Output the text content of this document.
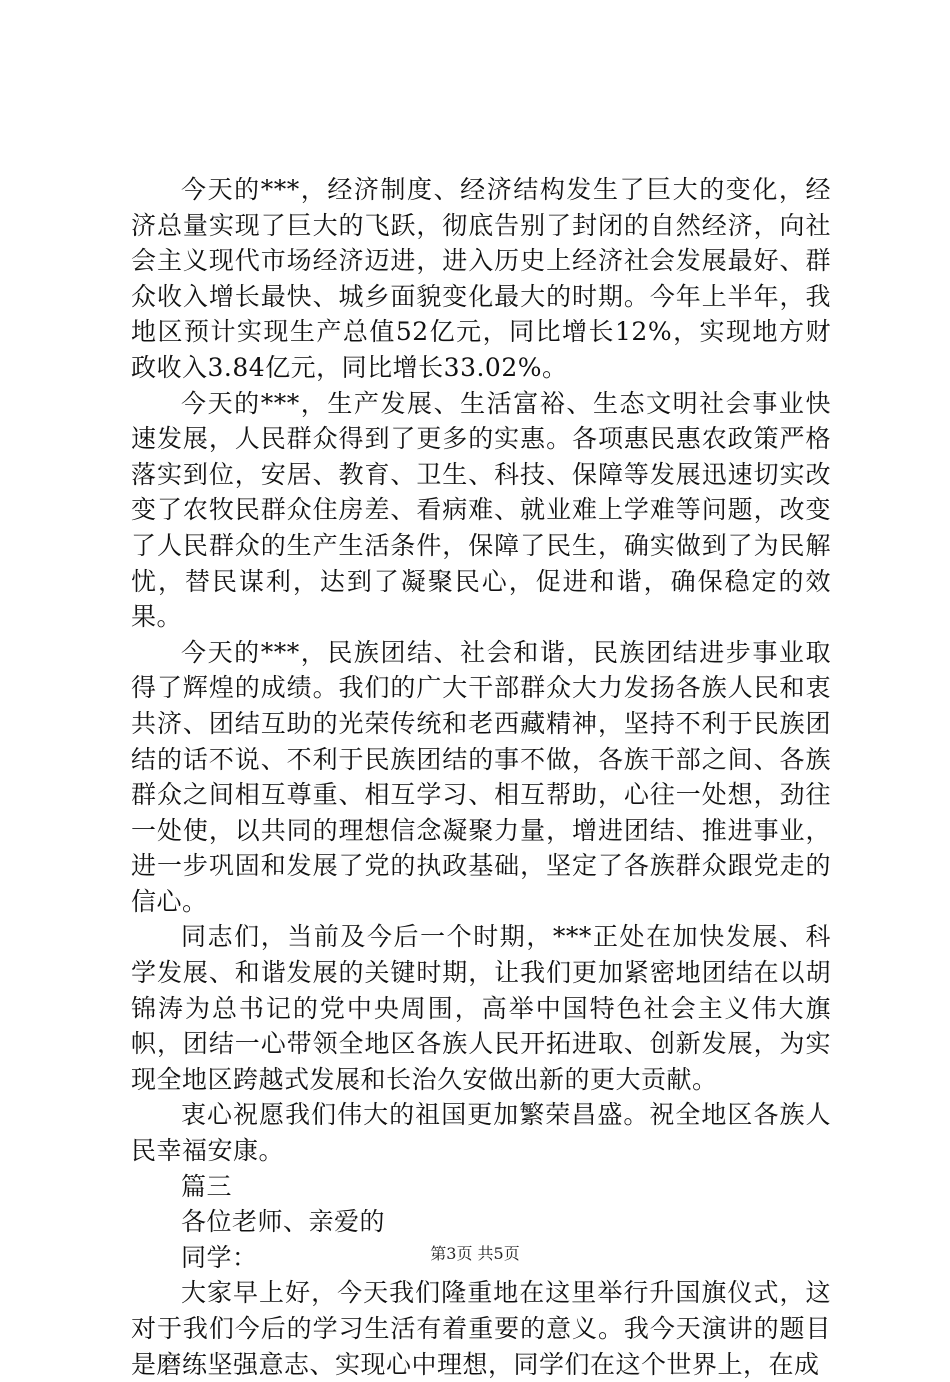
今天的***，经济制度、经济结构发生了巨大的变化，经济总量实现了巨大的飞跃，彻底告别了封闭的自然经济，向社会主义现代市场经济迈进，进入历史上经济社会发展最好、群众收入增长最快、城乡面貌变化最大的时期。今年上半年，我地区预计实现生产总值52亿元，同比增长12%，实现地方财政收入3.84亿元，同比增长33.02%。

今天的***，生产发展、生活富裕、生态文明社会事业快速发展，人民群众得到了更多的实惠。各项惠民惠农政策严格落实到位，安居、教育、卫生、科技、保障等发展迅速切实改变了农牧民群众住房差、看病难、就业难上学难等问题，改变了人民群众的生产生活条件，保障了民生，确实做到了为民解忧，替民谋利，达到了凝聚民心，促进和谐，确保稳定的效果。

今天的***，民族团结、社会和谐，民族团结进步事业取得了辉煌的成绩。我们的广大干部群众大力发扬各族人民和衷共济、团结互助的光荣传统和老西藏精神，坚持不利于民族团结的话不说、不利于民族团结的事不做，各族干部之间、各族群众之间相互尊重、相互学习、相互帮助，心往一处想，劲往一处使，以共同的理想信念凝聚力量，增进团结、推进事业，进一步巩固和发展了党的执政基础，坚定了各族群众跟党走的信心。

同志们，当前及今后一个时期，***正处在加快发展、科学发展、和谐发展的关键时期，让我们更加紧密地团结在以胡锦涛为总书记的党中央周围，高举中国特色社会主义伟大旗帜，团结一心带领全地区各族人民开拓进取、创新发展，为实现全地区跨越式发展和长治久安做出新的更大贡献。

衷心祝愿我们伟大的祖国更加繁荣昌盛。祝全地区各族人民幸福安康。

篇三

各位老师、亲爱的

同学：

大家早上好，今天我们隆重地在这里举行升国旗仪式，这对于我们今后的学习生活有着重要的意义。我今天演讲的题目是磨练坚强意志、实现心中理想，同学们在这个世界上，在成

第3页 共5页
